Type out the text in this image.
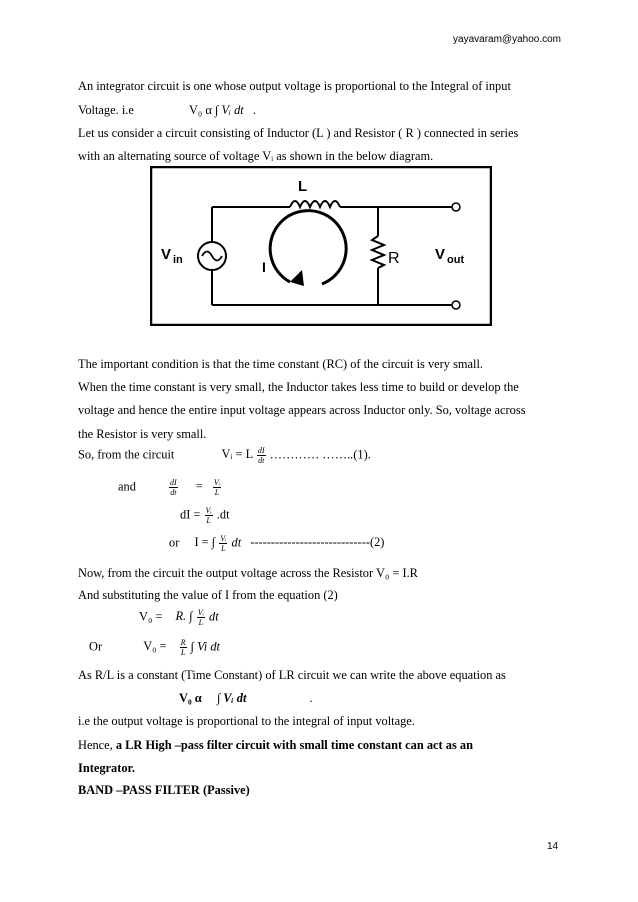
yayavaram@yahoo.com
An integrator circuit is one whose output voltage is proportional to the Integral of input
Voltage. i.e	V₀ α ∫ Vᵢ dt .
Let us consider a circuit consisting of Inductor (L ) and Resistor ( R ) connected in series
with an alternating source of voltage Vᵢ as shown in the below diagram.
L
R
I
V in	V out
The important condition is that the time constant (RC) of the circuit is very small.
When the time constant is very small, the Inductor takes less time to build or develop the
voltage and hence the entire input voltage appears across Inductor only. So, voltage across
the Resistor is very small.
So, from the circuit	Vᵢ = L $\frac{dI}{dt}$ ………… ……..(1).
and	$\frac{dI}{dt} = \frac{\text{Vᵢ}}{L}$
dI = $\frac{\text{Vᵢ}}{L} .dt$
or I = ∫ $\frac{\text{Vᵢ}}{L}$ dt -----------------------------(2)
Now, from the circuit the output voltage across the Resistor V₀ = I.R
And substituting the value of I from the equation (2)
V₀ = R. ∫ $\frac{\text{Vᵢ}}{L}$ dt
Or	$V_0 = \frac{R}{L}$ ∫ Vi dt
As R/L is a constant (Time Constant) of LR circuit we can write the above equation as
V₀ α ∫ Vᵢ dt	.
i.e the output voltage is proportional to the integral of input voltage.
Hence, a LR High –pass filter circuit with small time constant can act as an
Integrator.
BAND –PASS FILTER (Passive)
14
